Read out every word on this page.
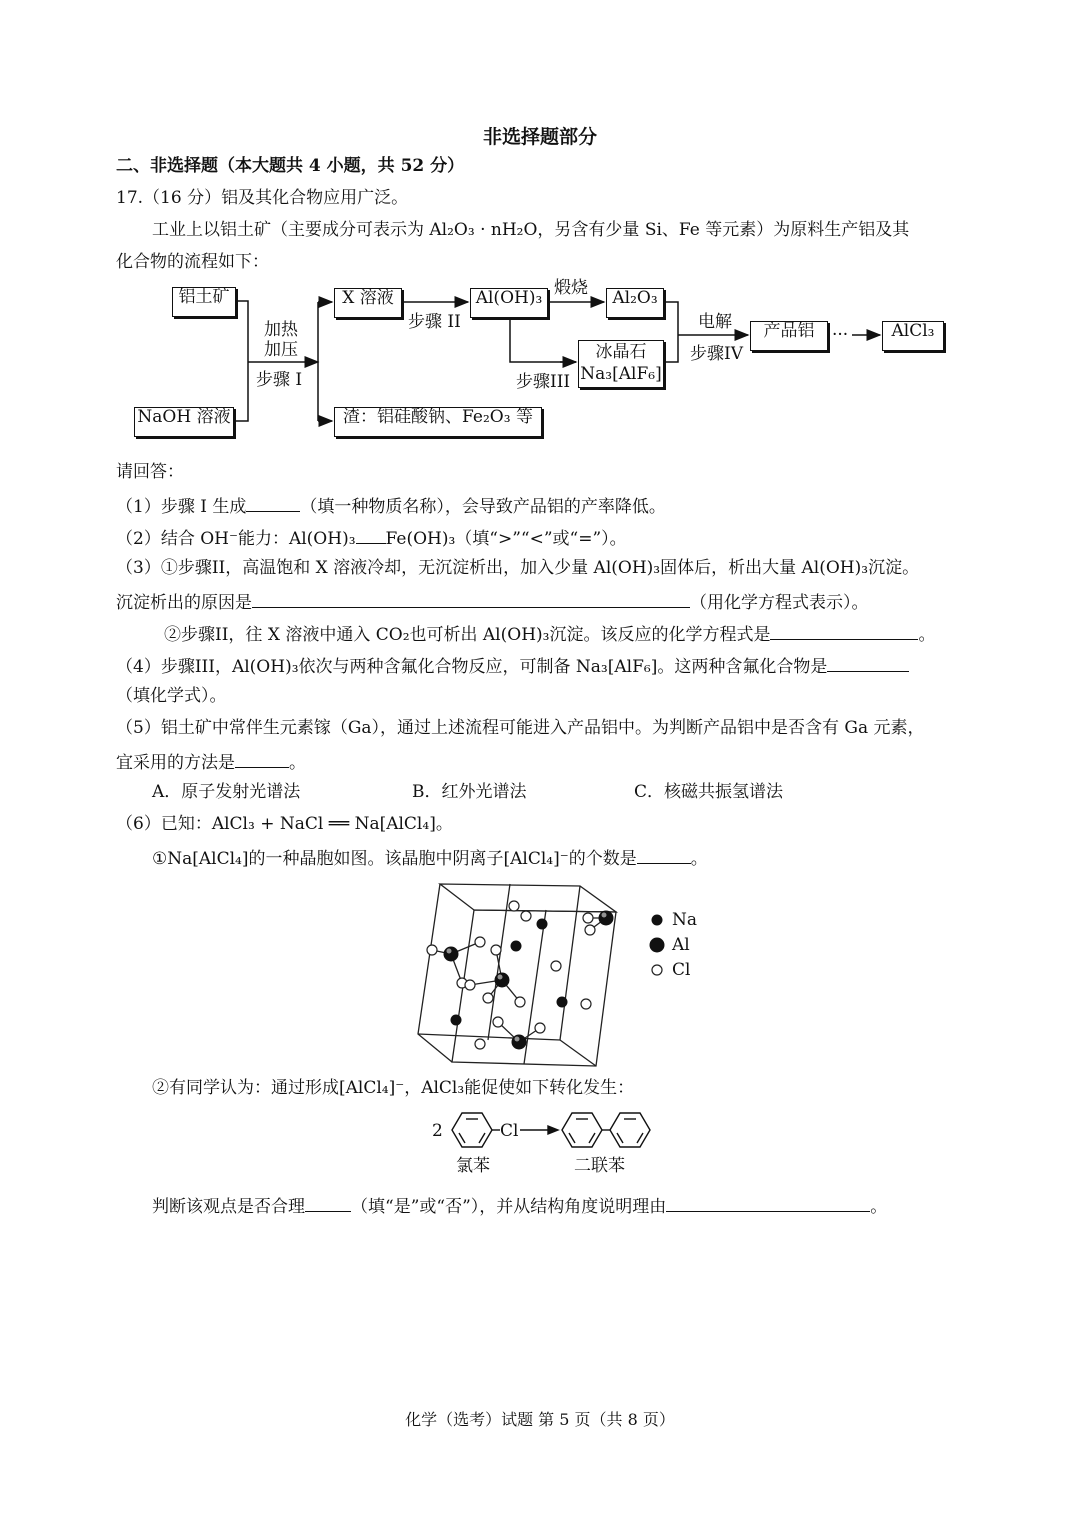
非选择题部分
二、非选择题（本大题共 4 小题，共 52 分）
17.（16 分）铝及其化合物应用广泛。
工业上以铝土矿（主要成分可表示为 Al₂O₃ · nH₂O，另含有少量 Si、Fe 等元素）为原料生产铝及其
化合物的流程如下：
铝土矿
NaOH 溶液
加热
加压
步骤 I
X 溶液
渣：铝硅酸钠、Fe₂O₃ 等
步骤 II
Al(OH)₃ 煅烧	Al₂O₃
冰晶石
Na₃[AlF₆]
步骤III
电解
步骤IV
产品铝	···	AlCl₃
请回答：
（1）步骤 I 生成	（填一种物质名称），会导致产品铝的产率降低。
（2）结合 OH⁻能力：Al(OH)₃ Fe(OH)₃（填“>”“<”或“=”）。
（3）①步骤II，高温饱和 X 溶液冷却，无沉淀析出，加入少量 Al(OH)₃固体后，析出大量 Al(OH)₃沉淀。
沉淀析出的原因是	（用化学方程式表示）。
②步骤II，往 X 溶液中通入 CO₂也可析出 Al(OH)₃沉淀。该反应的化学方程式是	。
（4）步骤III，Al(OH)₃依次与两种含氟化合物反应，可制备 Na₃[AlF₆]。这两种含氟化合物是
（填化学式）。
（5）铝土矿中常伴生元素镓（Ga），通过上述流程可能进入产品铝中。为判断产品铝中是否含有 Ga 元素，
宜采用的方法是	。
A．原子发射光谱法	B．红外光谱法	C．核磁共振氢谱法
（6）已知：AlCl₃ + NaCl ══ Na[AlCl₄]。
①Na[AlCl₄]的一种晶胞如图。该晶胞中阴离子[AlCl₄]⁻的个数是	。
Na
Al
Cl
②有同学认为：通过形成[AlCl₄]⁻，AlCl₃能促使如下转化发生：
2	Cl
氯苯	二联苯
判断该观点是否合理	（填“是”或“否”），并从结构角度说明理由	。
化学（选考）试题 第 5 页（共 8 页）
